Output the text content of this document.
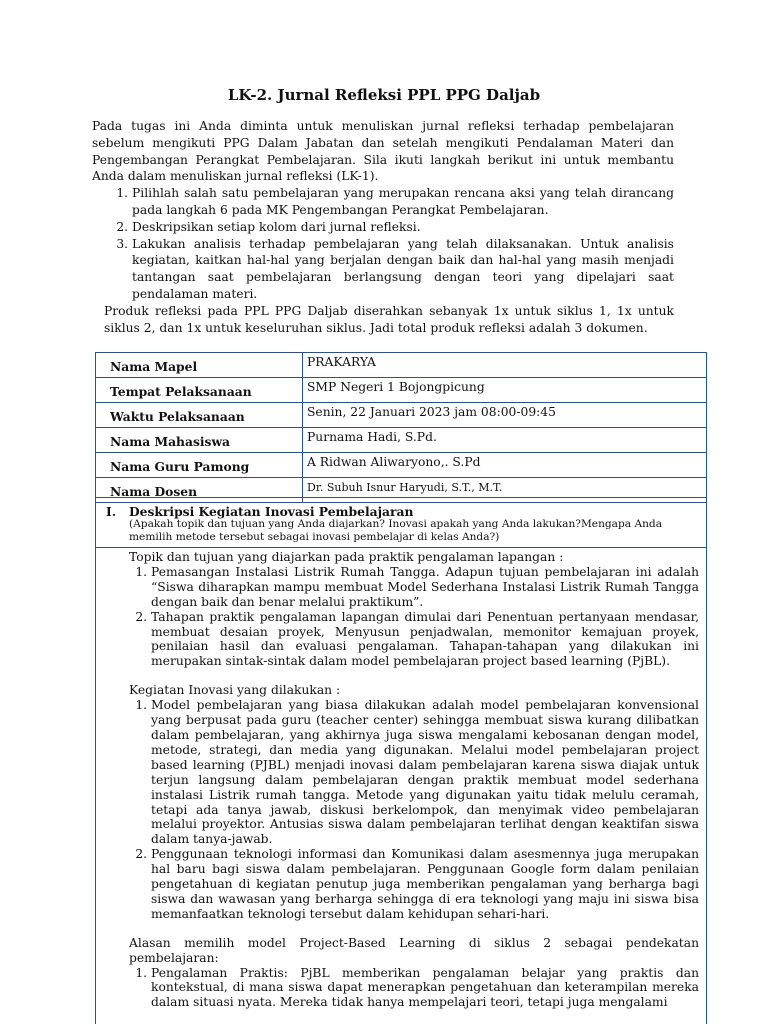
LK-2. Jurnal Refleksi PPL PPG Daljab

Pada tugas ini Anda diminta untuk menuliskan jurnal refleksi terhadap pembelajaran sebelum mengikuti PPG Dalam Jabatan dan setelah mengikuti Pendalaman Materi dan Pengembangan Perangkat Pembelajaran. Sila ikuti langkah berikut ini untuk membantu Anda dalam menuliskan jurnal refleksi (LK-1).

1. Pilihlah salah satu pembelajaran yang merupakan rencana aksi yang telah dirancang pada langkah 6 pada MK Pengembangan Perangkat Pembelajaran.
2. Deskripsikan setiap kolom dari jurnal refleksi.
3. Lakukan analisis terhadap pembelajaran yang telah dilaksanakan. Untuk analisis kegiatan, kaitkan hal-hal yang berjalan dengan baik dan hal-hal yang masih menjadi tantangan saat pembelajaran berlangsung dengan teori yang dipelajari saat pendalaman materi.

Produk refleksi pada PPL PPG Daljab diserahkan sebanyak 1x untuk siklus 1, 1x untuk siklus 2, dan 1x untuk keseluruhan siklus. Jadi total produk refleksi adalah 3 dokumen.

Nama Mapel	PRAKARYA
Tempat Pelaksanaan	SMP Negeri 1 Bojongpicung
Waktu Pelaksanaan	Senin, 22 Januari 2023 jam 08:00-09:45
Nama Mahasiswa	Purnama Hadi, S.Pd.
Nama Guru Pamong	A Ridwan Aliwaryono,. S.Pd
Nama Dosen	Dr. Subuh Isnur Haryudi, S.T., M.T.
I. Deskripsi Kegiatan Inovasi Pembelajaran
(Apakah topik dan tujuan yang Anda diajarkan? Inovasi apakah yang Anda lakukan?Mengapa Anda memilih metode tersebut sebagai inovasi pembelajar di kelas Anda?)

Topik dan tujuan yang diajarkan pada praktik pengalaman lapangan :

1. Pemasangan Instalasi Listrik Rumah Tangga. Adapun tujuan pembelajaran ini adalah “Siswa diharapkan mampu membuat Model Sederhana Instalasi Listrik Rumah Tangga dengan baik dan benar melalui praktikum”.
2. Tahapan praktik pengalaman lapangan dimulai dari Penentuan pertanyaan mendasar, membuat desaian proyek, Menyusun penjadwalan, memonitor kemajuan proyek, penilaian hasil dan evaluasi pengalaman. Tahapan-tahapan yang dilakukan ini merupakan sintak-sintak dalam model pembelajaran project based learning (PjBL).

Kegiatan Inovasi yang dilakukan :

1. Model pembelajaran yang biasa dilakukan adalah model pembelajaran konvensional yang berpusat pada guru (teacher center) sehingga membuat siswa kurang dilibatkan dalam pembelajaran, yang akhirnya juga siswa mengalami kebosanan dengan model, metode, strategi, dan media yang digunakan. Melalui model pembelajaran project based learning (PJBL) menjadi inovasi dalam pembelajaran karena siswa diajak untuk terjun langsung dalam pembelajaran dengan praktik membuat model sederhana instalasi Listrik rumah tangga. Metode yang digunakan yaitu tidak melulu ceramah, tetapi ada tanya jawab, diskusi berkelompok, dan menyimak video pembelajaran melalui proyektor. Antusias siswa dalam pembelajaran terlihat dengan keaktifan siswa dalam tanya-jawab.
2. Penggunaan teknologi informasi dan Komunikasi dalam asesmennya juga merupakan hal baru bagi siswa dalam pembelajaran. Penggunaan Google form dalam penilaian pengetahuan di kegiatan penutup juga memberikan pengalaman yang berharga bagi siswa dan wawasan yang berharga sehingga di era teknologi yang maju ini siswa bisa memanfaatkan teknologi tersebut dalam kehidupan sehari-hari.

Alasan memilih model Project-Based Learning di siklus 2 sebagai pendekatan pembelajaran:

1. Pengalaman Praktis: PjBL memberikan pengalaman belajar yang praktis dan kontekstual, di mana siswa dapat menerapkan pengetahuan dan keterampilan mereka dalam situasi nyata. Mereka tidak hanya mempelajari teori, tetapi juga mengalami
